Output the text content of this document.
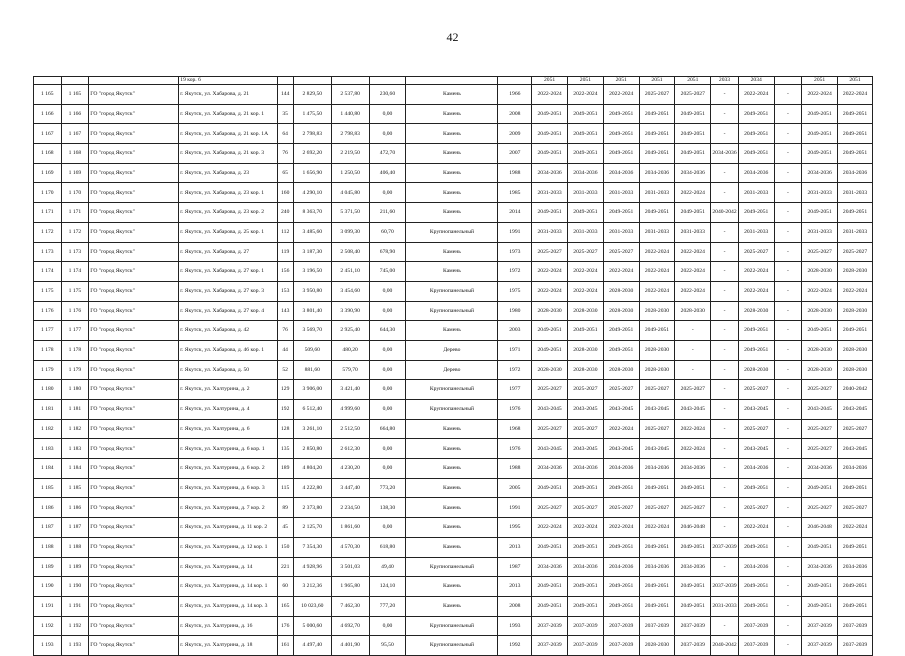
42
			19 кор. 6							2051	2051	2051	2051	2051	2033	2034		2051	2051
1 165	1 165	ГО "город Якутск"	г. Якутск, ул. Хабарова, д. 21	144	2 829,50	2 537,80	230,60	Камень	1966	2022-2024	2022-2024	2022-2024	2025-2027	2025-2027	-	2022-2024	-	2022-2024	2022-2024
1 166	1 166	ГО "город Якутск"	г. Якутск, ул. Хабарова, д. 21 кор. 1	35	1 475,50	1 440,80	0,00	Камень	2008	2049-2051	2049-2051	2049-2051	2049-2051	2049-2051	-	2049-2051	-	2049-2051	2049-2051
1 167	1 167	ГО "город Якутск"	г. Якутск, ул. Хабарова, д. 21 кор. 1А	64	2 798,83	2 798,83	0,00	Камень	2009	2049-2051	2049-2051	2049-2051	2049-2051	2049-2051	-	2049-2051	-	2049-2051	2049-2051
1 168	1 168	ГО "город Якутск"	г. Якутск, ул. Хабарова, д. 21 кор. 3	76	2 692,20	2 219,50	472,70	Камень	2007	2049-2051	2049-2051	2049-2051	2049-2051	2049-2051	2034-2036	2049-2051	-	2049-2051	2049-2051
1 169	1 169	ГО "город Якутск"	г. Якутск, ул. Хабарова, д. 23	65	1 656,90	1 250,50	406,40	Камень	1988	2034-2036	2034-2036	2034-2036	2034-2036	2034-2036	-	2034-2036	-	2034-2036	2034-2036
1 170	1 170	ГО "город Якутск"	г. Якутск, ул. Хабарова, д. 23 кор. 1	160	4 290,10	4 045,80	0,00	Камень	1985	2031-2033	2031-2033	2031-2033	2031-2033	2022-2024	-	2031-2033	-	2031-2033	2031-2033
1 171	1 171	ГО "город Якутск"	г. Якутск, ул. Хабарова, д. 23 кор. 2	240	8 363,70	5 371,50	211,60	Камень	2014	2049-2051	2049-2051	2049-2051	2049-2051	2049-2051	2040-2042	2049-2051	-	2049-2051	2049-2051
1 172	1 172	ГО "город Якутск"	г. Якутск, ул. Хабарова, д. 25 кор. 1	112	3 485,60	3 099,30	60,70	Крупнопанельный	1991	2031-2033	2031-2033	2031-2033	2031-2033	2031-2033	-	2031-2033	-	2031-2033	2031-2033
1 173	1 173	ГО "город Якутск"	г. Якутск, ул. Хабарова, д. 27	119	3 187,30	2 508,40	678,90	Камень	1973	2025-2027	2025-2027	2025-2027	2022-2024	2022-2024	-	2025-2027	-	2025-2027	2025-2027
1 174	1 174	ГО "город Якутск"	г. Якутск, ул. Хабарова, д. 27 кор. 1	156	3 196,50	2 451,10	745,00	Камень	1972	2022-2024	2022-2024	2022-2024	2022-2024	2022-2024	-	2022-2024	-	2028-2030	2028-2030
1 175	1 175	ГО "город Якутск"	г. Якутск, ул. Хабарова, д. 27 кор. 3	153	3 950,80	3 454,60	0,00	Крупнопанельный	1975	2022-2024	2022-2024	2028-2030	2022-2024	2022-2024	-	2022-2024	-	2022-2024	2022-2024
1 176	1 176	ГО "город Якутск"	г. Якутск, ул. Хабарова, д. 27 кор. 4	143	3 801,40	3 390,90	0,00	Крупнопанельный	1980	2028-2030	2028-2030	2028-2030	2028-2030	2028-2030	-	2028-2030	-	2028-2030	2028-2030
1 177	1 177	ГО "город Якутск"	г. Якутск, ул. Хабарова, д. 42	76	3 569,70	2 925,40	644,30	Камень	2003	2049-2051	2049-2051	2049-2051	2049-2051	-	-	2049-2051	-	2049-2051	2049-2051
1 178	1 178	ГО "город Якутск"	г. Якутск, ул. Хабарова, д. 46 кор. 1	44	509,60	480,20	0,00	Дерево	1971	2049-2051	2028-2030	2049-2051	2028-2030	-	-	2049-2051	-	2028-2030	2028-2030
1 179	1 179	ГО "город Якутск"	г. Якутск, ул. Хабарова, д. 50	52	881,60	579,70	0,00	Дерево	1972	2028-2030	2028-2030	2028-2030	2028-2030	-	-	2028-2030	-	2028-2030	2028-2030
1 180	1 180	ГО "город Якутск"	г. Якутск, ул. Халтурина, д. 2	129	3 906,00	3 421,40	0,00	Крупнопанельный	1977	2025-2027	2025-2027	2025-2027	2025-2027	2025-2027	-	2025-2027	-	2025-2027	2040-2042
1 181	1 181	ГО "город Якутск"	г. Якутск, ул. Халтурина, д. 4	192	6 512,40	4 999,60	0,00	Крупнопанельный	1976	2043-2045	2043-2045	2043-2045	2043-2045	2043-2045	-	2043-2045	-	2043-2045	2043-2045
1 182	1 182	ГО "город Якутск"	г. Якутск, ул. Халтурина, д. 6	128	3 261,10	2 512,50	664,80	Камень	1968	2025-2027	2025-2027	2022-2024	2025-2027	2022-2024	-	2025-2027	-	2025-2027	2025-2027
1 183	1 183	ГО "город Якутск"	г. Якутск, ул. Халтурина, д. 6 кор. 1	135	2 850,80	2 612,30	0,00	Камень	1976	2043-2045	2043-2045	2043-2045	2043-2045	2022-2024	-	2043-2045	-	2025-2027	2043-2045
1 184	1 184	ГО "город Якутск"	г. Якутск, ул. Халтурина, д. 6 кор. 2	189	4 804,20	4 230,20	0,00	Камень	1988	2034-2036	2034-2036	2034-2036	2034-2036	2034-2036	-	2034-2036	-	2034-2036	2034-2036
1 185	1 185	ГО "город Якутск"	г. Якутск, ул. Халтурина, д. 6 кор. 3	115	4 222,80	3 447,40	773,20	Камень	2005	2049-2051	2049-2051	2049-2051	2049-2051	2049-2051	-	2049-2051	-	2049-2051	2049-2051
1 186	1 186	ГО "город Якутск"	г. Якутск, ул. Халтурина, д. 7 кор. 2	89	2 373,80	2 234,50	138,30	Камень	1991	2025-2027	2025-2027	2025-2027	2025-2027	2025-2027	-	2025-2027	-	2025-2027	2025-2027
1 187	1 187	ГО "город Якутск"	г. Якутск, ул. Халтурина, д. 11 кор. 2	45	2 125,70	1 861,60	0,00	Камень	1995	2022-2024	2022-2024	2022-2024	2022-2024	2046-2048	-	2022-2024	-	2046-2048	2022-2024
1 188	1 188	ГО "город Якутск"	г. Якутск, ул. Халтурина, д. 12 кор. 1	150	7 354,30	4 570,30	618,80	Камень	2013	2049-2051	2049-2051	2049-2051	2049-2051	2049-2051	2037-2039	2049-2051	-	2049-2051	2049-2051
1 189	1 189	ГО "город Якутск"	г. Якутск, ул. Халтурина, д. 14	221	4 928,96	3 501,03	49,40	Крупнопанельный	1987	2034-2036	2034-2036	2034-2036	2034-2036	2034-2036	-	2034-2036	-	2034-2036	2034-2036
1 190	1 190	ГО "город Якутск"	г. Якутск, ул. Халтурина, д. 14 кор. 1	60	3 212,36	1 965,80	124,10	Камень	2013	2049-2051	2049-2051	2049-2051	2049-2051	2049-2051	2037-2039	2049-2051	-	2049-2051	2049-2051
1 191	1 191	ГО "город Якутск"	г. Якутск, ул. Халтурина, д. 14 кор. 3	165	10 023,60	7 462,30	777,20	Камень	2008	2049-2051	2049-2051	2049-2051	2049-2051	2049-2051	2031-2033	2049-2051	-	2049-2051	2049-2051
1 192	1 192	ГО "город Якутск"	г. Якутск, ул. Халтурина, д. 16	176	5 000,60	4 692,70	0,00	Крупнопанельный	1993	2037-2039	2037-2039	2037-2039	2037-2039	2037-2039	-	2037-2039	-	2037-2039	2037-2039
1 193	1 193	ГО "город Якутск"	г. Якутск, ул. Халтурина, д. 18	161	4 497,40	4 401,90	95,50	Крупнопанельный	1992	2037-2039	2037-2039	2037-2039	2028-2030	2037-2039	2040-2042	2037-2039	-	2037-2039	2037-2039
